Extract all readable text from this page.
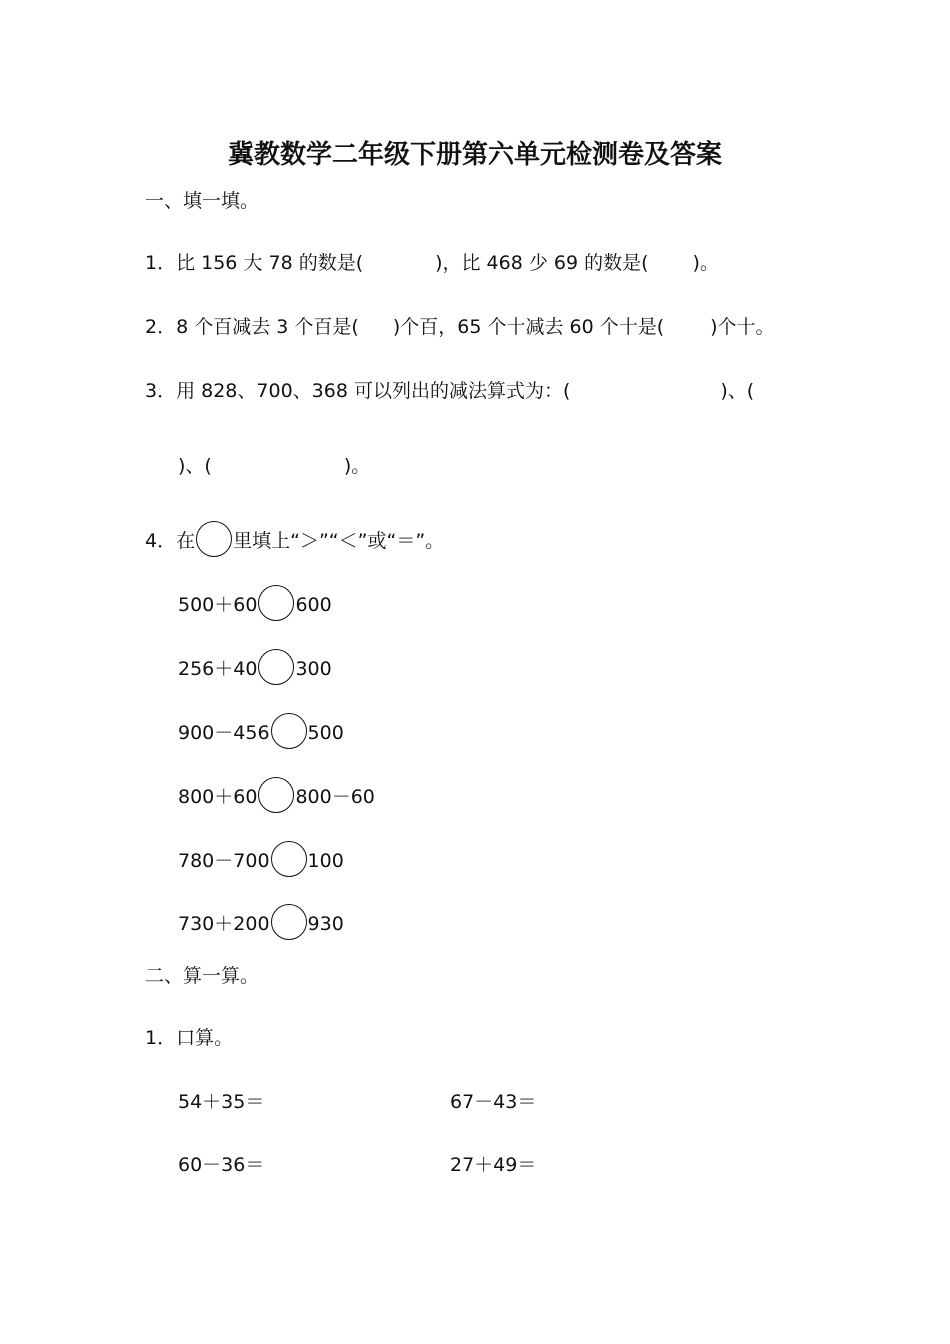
冀教数学二年级下册第六单元检测卷及答案
一、填一填。
1．比 156 大 78 的数是(	)，比 468 少 69 的数是( )。
2．8 个百减去 3 个百是( )个百，65 个十减去 60 个十是( )个十。
3．用 828、700、368 可以列出的减法算式为：(	)、(
)、(	)。
4．在 里填上“＞”“＜”或“＝”。
500＋60 600
256＋40 300
900－456 500
800＋60 800－60
780－700 100
730＋200 930
二、算一算。
1．口算。
54＋35＝	67－43＝
60－36＝	27＋49＝
